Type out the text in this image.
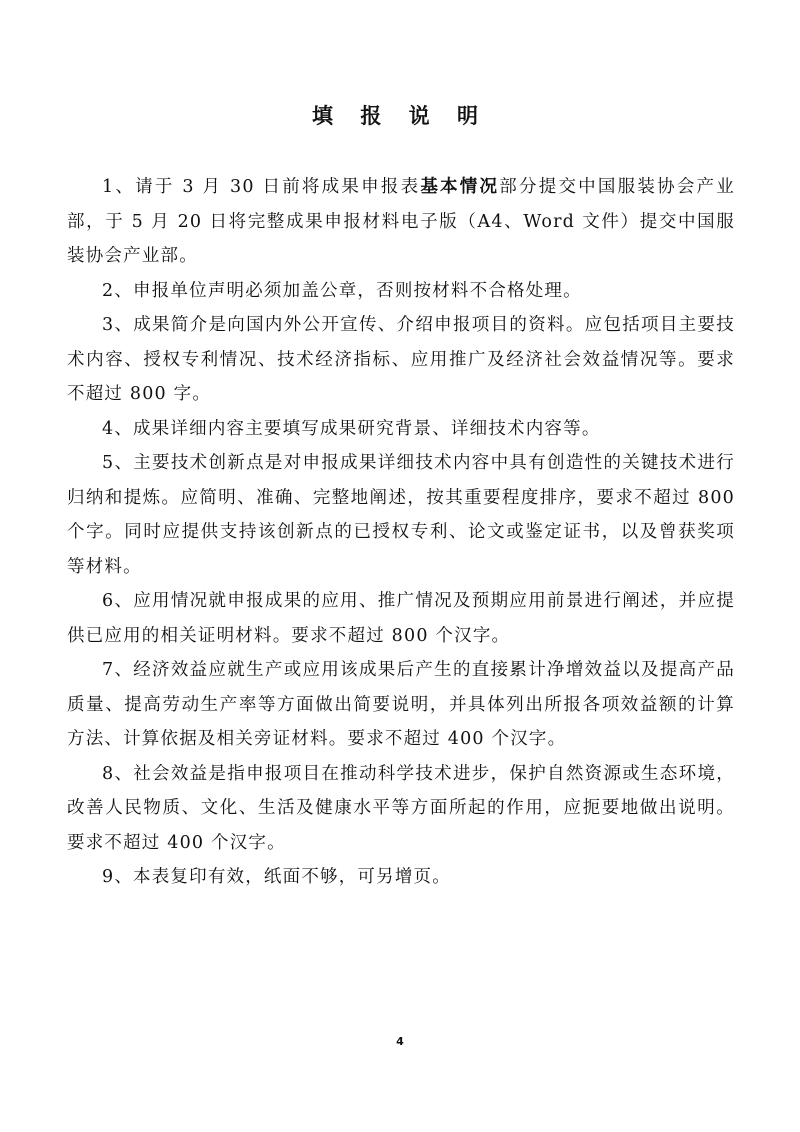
填 报 说 明

1、请于 3 月 30 日前将成果申报表基本情况部分提交中国服装协会产业部，于 5 月 20 日将完整成果申报材料电子版（A4、Word 文件）提交中国服装协会产业部。

2、申报单位声明必须加盖公章，否则按材料不合格处理。

3、成果简介是向国内外公开宣传、介绍申报项目的资料。应包括项目主要技术内容、授权专利情况、技术经济指标、应用推广及经济社会效益情况等。要求不超过 800 字。

4、成果详细内容主要填写成果研究背景、详细技术内容等。

5、主要技术创新点是对申报成果详细技术内容中具有创造性的关键技术进行归纳和提炼。应简明、准确、完整地阐述，按其重要程度排序，要求不超过 800 个字。同时应提供支持该创新点的已授权专利、论文或鉴定证书，以及曾获奖项等材料。

6、应用情况就申报成果的应用、推广情况及预期应用前景进行阐述，并应提供已应用的相关证明材料。要求不超过 800 个汉字。

7、经济效益应就生产或应用该成果后产生的直接累计净增效益以及提高产品质量、提高劳动生产率等方面做出简要说明，并具体列出所报各项效益额的计算方法、计算依据及相关旁证材料。要求不超过 400 个汉字。

8、社会效益是指申报项目在推动科学技术进步，保护自然资源或生态环境，改善人民物质、文化、生活及健康水平等方面所起的作用，应扼要地做出说明。要求不超过 400 个汉字。

9、本表复印有效，纸面不够，可另增页。

4
